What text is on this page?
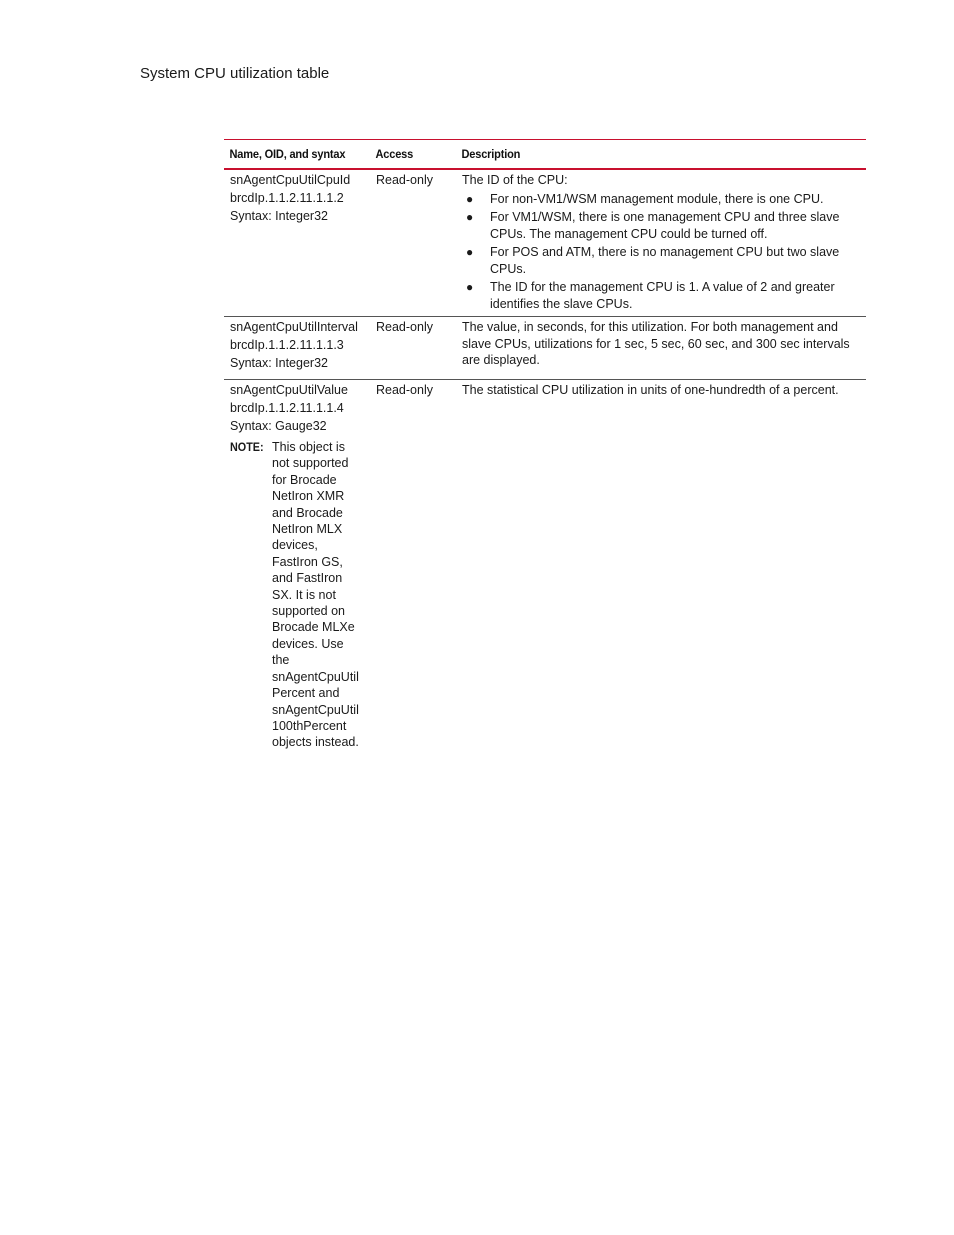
System CPU utilization table
Name, OID, and syntax	Access	Description
snAgentCpuUtilCpuId
brcdIp.1.1.2.11.1.1.2
Syntax: Integer32
Read-only	The ID of the CPU:
● For non-VM1/WSM management module, there is one CPU.
● For VM1/WSM, there is one management CPU and three slave CPUs. The management CPU could be turned off.
● For POS and ATM, there is no management CPU but two slave CPUs.
● The ID for the management CPU is 1. A value of 2 and greater identifies the slave CPUs.
snAgentCpuUtilInterval
brcdIp.1.1.2.11.1.1.3
Syntax: Integer32
Read-only	The value, in seconds, for this utilization. For both management and slave CPUs, utilizations for 1 sec, 5 sec, 60 sec, and 300 sec intervals are displayed.
snAgentCpuUtilValue
brcdIp.1.1.2.11.1.1.4
Syntax: Gauge32
NOTE: This object is not supported for Brocade NetIron XMR and Brocade NetIron MLX devices, FastIron GS, and FastIron SX. It is not supported on Brocade MLXe devices. Use the snAgentCpuUtil Percent and snAgentCpuUtil 100thPercent objects instead.
Read-only	The statistical CPU utilization in units of one-hundredth of a percent.
